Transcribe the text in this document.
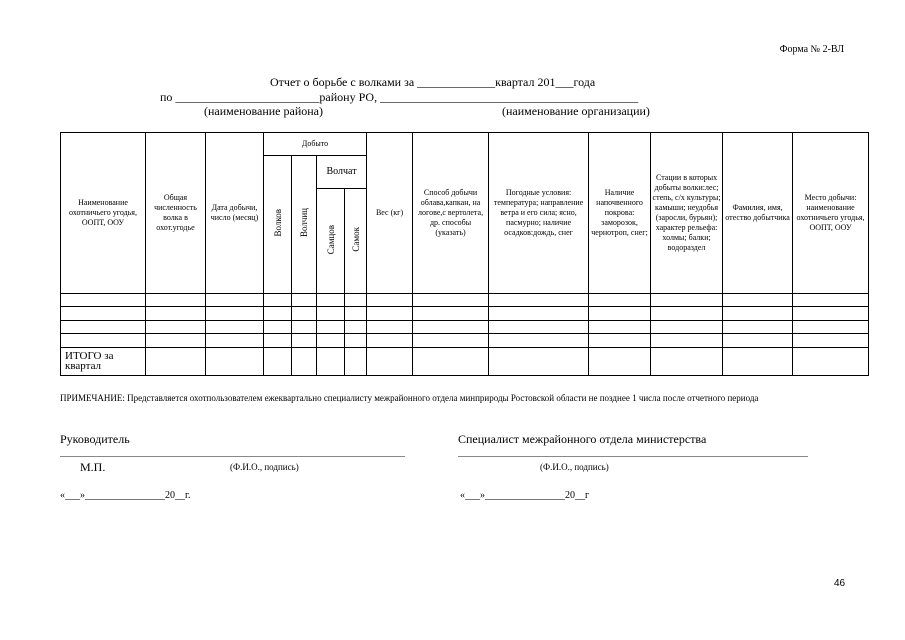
Форма № 2-ВЛ
Отчет о борьбе с волками за _____________квартал 201___года
по ________________________районy РО, ___________________________________________
(наименование района)	(наименование организации)
Наименование охотничьего угодья, ООПТ, ООУ	Общая численность волка в охот.угодье	Дата добычи, число (месяц)	Добыто				Вес (кг)	Способ добычи облава,капкан, на логове,с вертолета, др. способы (указать)	Погодные условия: температура; направление ветра и его сила; ясно, пасмурно; наличие осадков:дождь, снег	Наличие напочвенного покрова: заморозок, чернотроп, снег;	Стации в которых добыты волки:лес; степь, с/х культуры; камыши; неудобья (заросли, бурьян); характер рельефа: холмы; балки; водораздел	Фамилия, имя, отество добытчика	Место добычи: наименование охотничьего угодья, ООПТ, ООУ
			Волков	Волчиц	Волчат								
					Самцов	Самок							

ИТОГО за квартал													
ПРИМЕЧАНИЕ: Представляется охотпользователем ежеквартально специалисту межрайонного отдела минприроды Ростовской области не позднее 1 числа после отчетного периода
Руководитель	Специалист межрайонного отдела министерства
М.П.	(Ф.И.О., подпись)	(Ф.И.О., подпись)
«___»________________20__г.	«___»________________20__г
46
